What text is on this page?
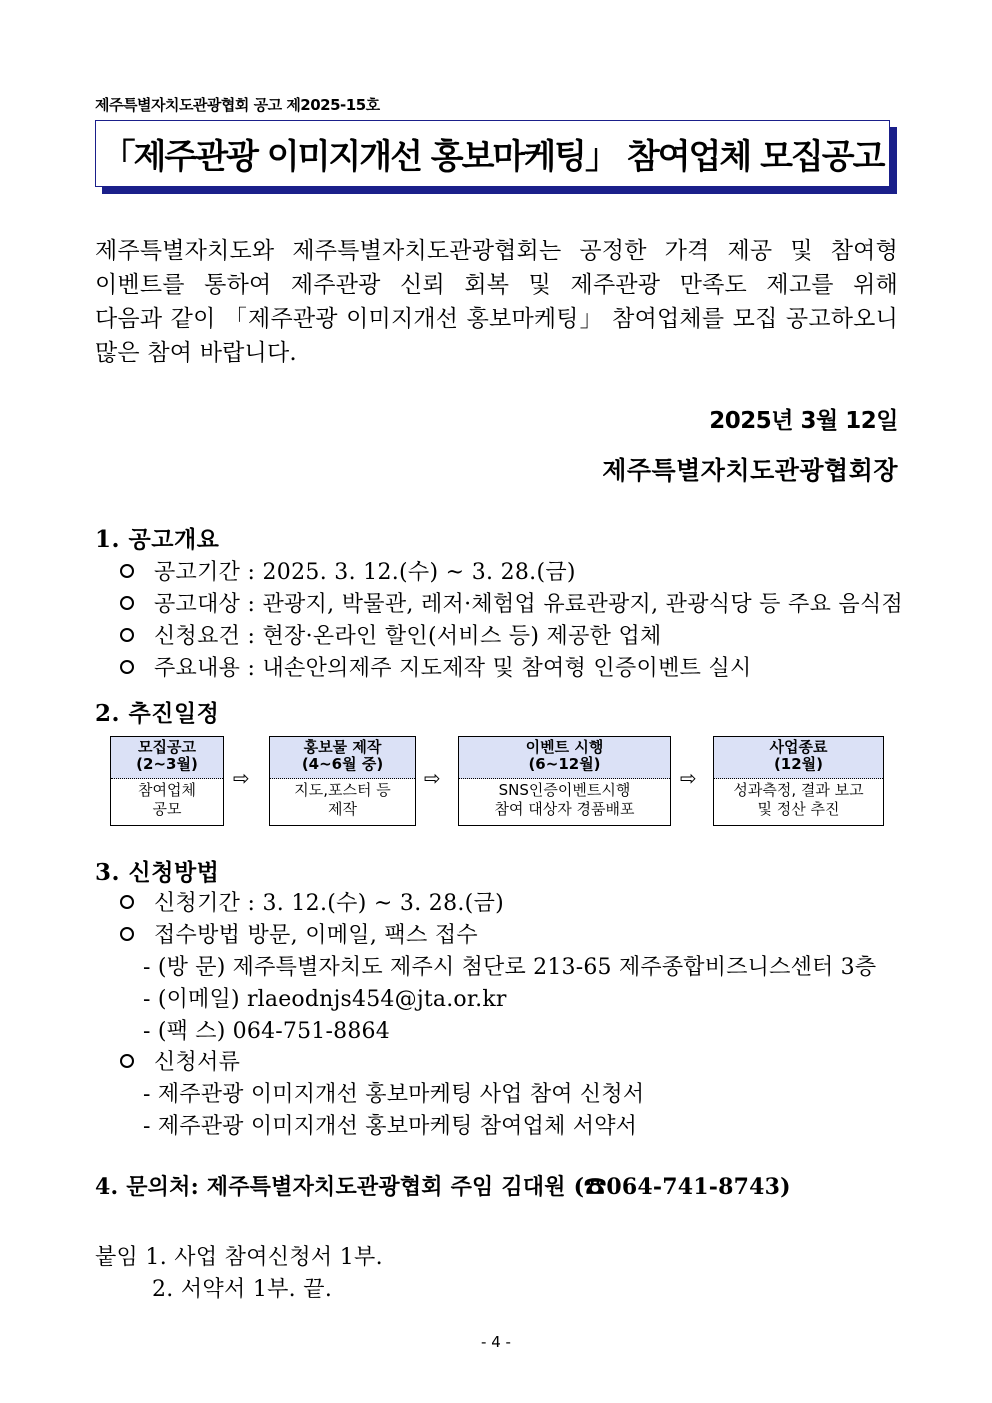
제주특별자치도관광협회 공고 제2025-15호
「제주관광 이미지개선 홍보마케팅」 참여업체 모집공고

제주특별자치도와 제주특별자치도관광협회는 공정한 가격 제공 및 참여형

이벤트를 통하여 제주관광 신뢰 회복 및 제주관광 만족도 제고를 위해

다음과 같이 「제주관광 이미지개선 홍보마케팅」 참여업체를 모집 공고하오니

많은 참여 바랍니다.

2025년 3월 12일
제주특별자치도관광협회장
1. 공고개요
공고기간 : 2025. 3. 12.(수) ~ 3. 28.(금)
공고대상 : 관광지, 박물관, 레저·체험업 유료관광지, 관광식당 등 주요 음식점
신청요건 : 현장·온라인 할인(서비스 등) 제공한 업체
주요내용 : 내손안의제주 지도제작 및 참여형 인증이벤트 실시
2. 추진일정
모집공고
(2~3월)
참여업체
공모
⇨
홍보물 제작
(4~6월 중)
지도,포스터 등
제작
⇨
이벤트 시행
(6~12월)
SNS인증이벤트시행
참여 대상자 경품배포
⇨
사업종료
(12월)
성과측정, 결과 보고
및 정산 추진
3. 신청방법
신청기간 : 3. 12.(수) ~ 3. 28.(금)
접수방법 방문, 이메일, 팩스 접수
- (방 문) 제주특별자치도 제주시 첨단로 213-65 제주종합비즈니스센터 3층
- (이메일) rlaeodnjs454@jta.or.kr
- (팩 스) 064-751-8864
신청서류
- 제주관광 이미지개선 홍보마케팅 사업 참여 신청서
- 제주관광 이미지개선 홍보마케팅 참여업체 서약서
4. 문의처: 제주특별자치도관광협회 주임 김대원 (☎064-741-8743)
붙임 1. 사업 참여신청서 1부.
2. 서약서 1부. 끝.
- 4 -
